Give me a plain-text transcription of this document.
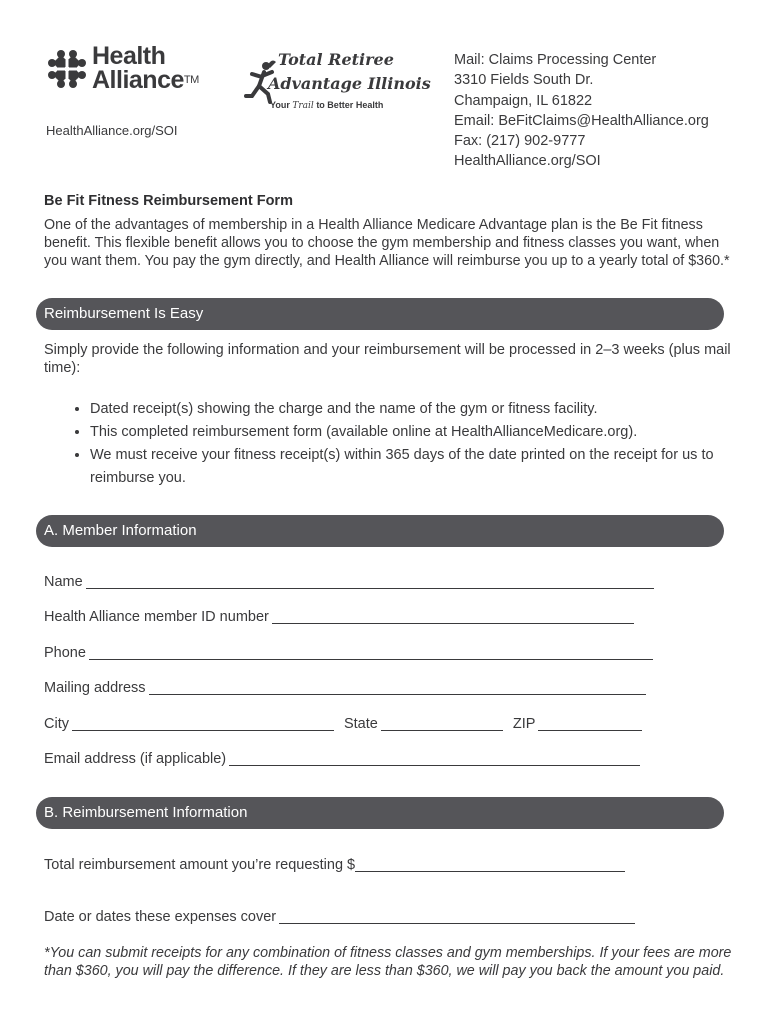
Health
Alliance™
Total Retiree
Advantage Illinois
Your Trail to Better Health
HealthAlliance.org/SOI
Mail: Claims Processing Center
3310 Fields South Dr.
Champaign, IL 61822
Email: BeFitClaims@HealthAlliance.org
Fax: (217) 902-9777
HealthAlliance.org/SOI
Be Fit Fitness Reimbursement Form
One of the advantages of membership in a Health Alliance Medicare Advantage plan is the Be Fit fitness benefit. This flexible benefit allows you to choose the gym membership and fitness classes you want, when you want them. You pay the gym directly, and Health Alliance will reimburse you up to a yearly total of $360.*
Reimbursement Is Easy
Simply provide the following information and your reimbursement will be processed in 2–3 weeks (plus mail time):
• Dated receipt(s) showing the charge and the name of the gym or fitness facility.
• This completed reimbursement form (available online at HealthAllianceMedicare.org).
• We must receive your fitness receipt(s) within 365 days of the date printed on the receipt for us to reimburse you.
A. Member Information
Name
Health Alliance member ID number
Phone
Mailing address
City	State	ZIP
Email address (if applicable)
B. Reimbursement Information
Total reimbursement amount you’re requesting $
Date or dates these expenses cover
*You can submit receipts for any combination of fitness classes and gym memberships. If your fees are more than $360, you will pay the difference. If they are less than $360, we will pay you back the amount you paid.
